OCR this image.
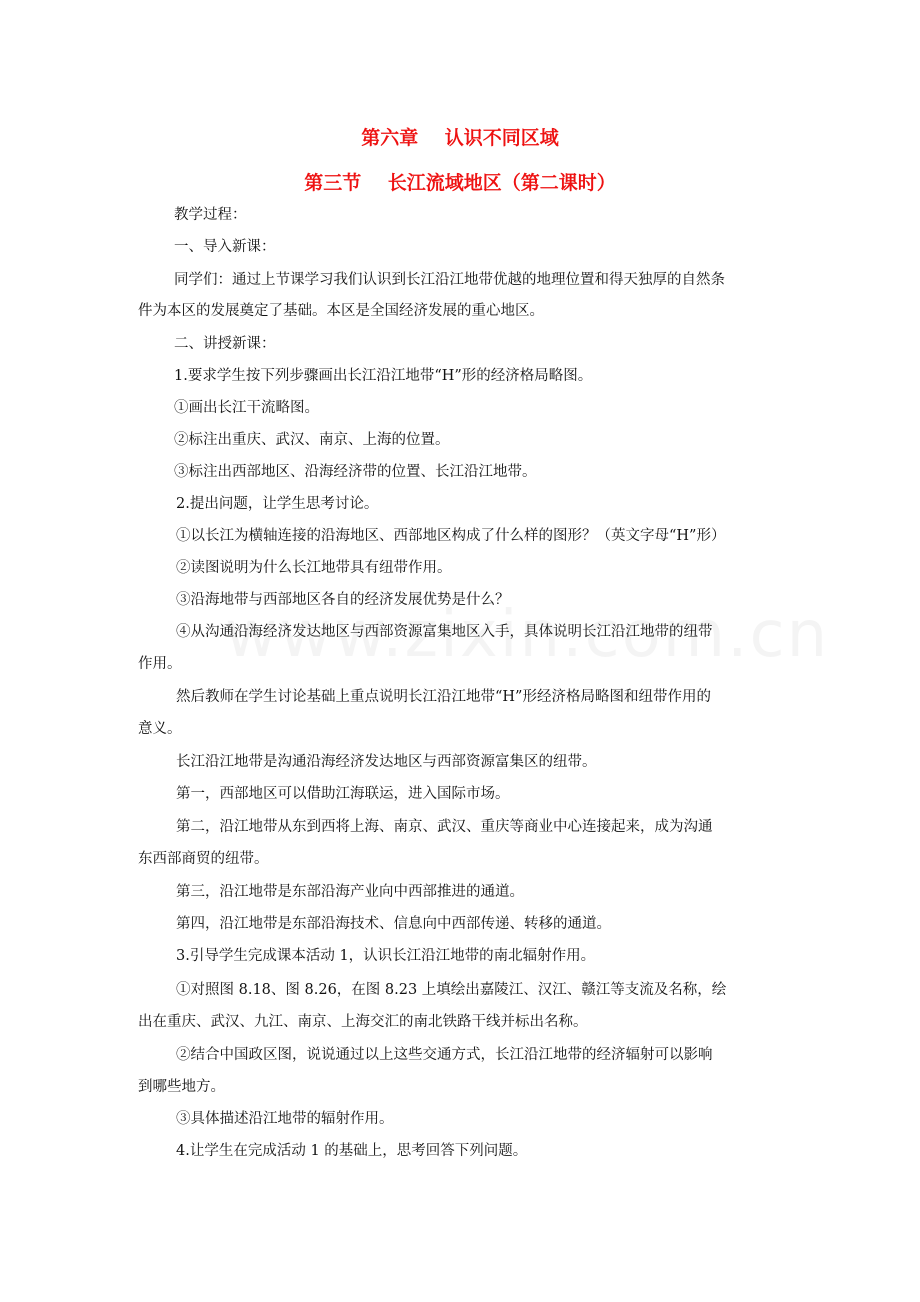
第六章    认识不同区域
第三节    长江流域地区（第二课时）
教学过程：
一、导入新课：
同学们：通过上节课学习我们认识到长江沿江地带优越的地理位置和得天独厚的自然条
件为本区的发展奠定了基础。本区是全国经济发展的重心地区。
二、讲授新课：
1.要求学生按下列步骤画出长江沿江地带“H”形的经济格局略图。
①画出长江干流略图。
②标注出重庆、武汉、南京、上海的位置。
③标注出西部地区、沿海经济带的位置、长江沿江地带。
2.提出问题，让学生思考讨论。
①以长江为横轴连接的沿海地区、西部地区构成了什么样的图形？（英文字母“H”形）
②读图说明为什么长江地带具有纽带作用。
③沿海地带与西部地区各自的经济发展优势是什么？
④从沟通沿海经济发达地区与西部资源富集地区入手，具体说明长江沿江地带的纽带
作用。
然后教师在学生讨论基础上重点说明长江沿江地带“H”形经济格局略图和纽带作用的
意义。
长江沿江地带是沟通沿海经济发达地区与西部资源富集区的纽带。
第一，西部地区可以借助江海联运，进入国际市场。
第二，沿江地带从东到西将上海、南京、武汉、重庆等商业中心连接起来，成为沟通
东西部商贸的纽带。
第三，沿江地带是东部沿海产业向中西部推进的通道。
第四，沿江地带是东部沿海技术、信息向中西部传递、转移的通道。
3.引导学生完成课本活动 1，认识长江沿江地带的南北辐射作用。
①对照图 8.18、图 8.26，在图 8.23 上填绘出嘉陵江、汉江、赣江等支流及名称，绘
出在重庆、武汉、九江、南京、上海交汇的南北铁路干线并标出名称。
②结合中国政区图，说说通过以上这些交通方式，长江沿江地带的经济辐射可以影响
到哪些地方。
③具体描述沿江地带的辐射作用。
4.让学生在完成活动 1 的基础上，思考回答下列问题。
